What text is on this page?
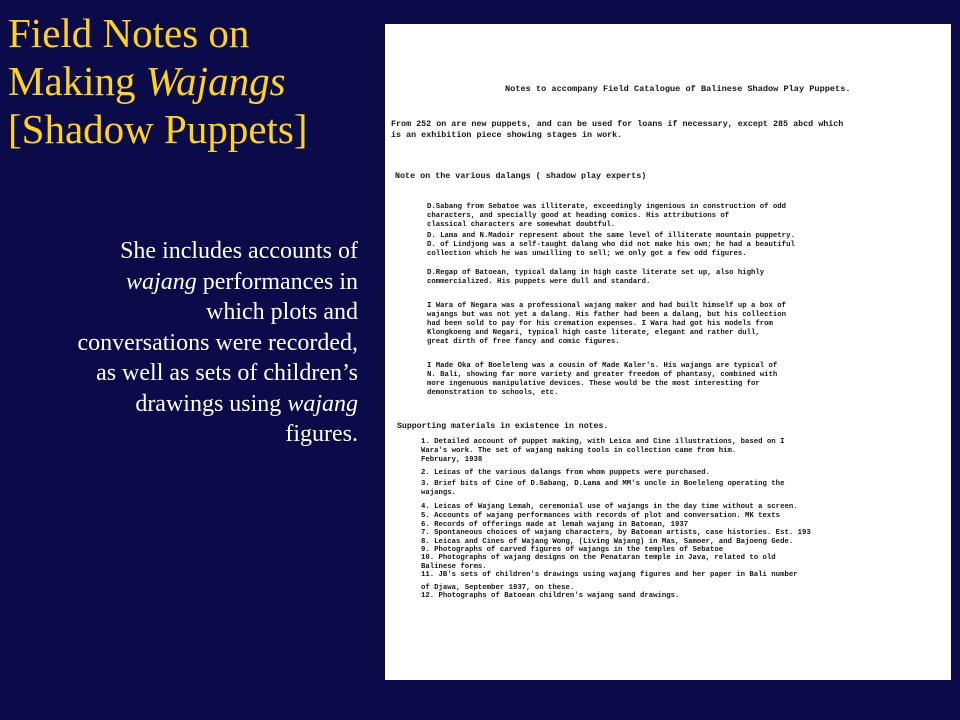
Field Notes on
Making Wajangs
[Shadow Puppets]

She includes accounts of wajang performances in which plots and conversations were recorded, as well as sets of children’s drawings using wajang figures.

Notes to accompany Field Catalogue of Balinese Shadow Play Puppets.
From 252 on are new puppets, and can be used for loans if necessary, except 285 abcd which
is an exhibition piece showing stages in work.
Note on the various dalangs ( shadow play experts)
D.Sabang from Sebatoe was illiterate, exceedingly ingenious in construction of odd
characters, and specially good at heading comics. His attributions of
classical characters are somewhat doubtful.
D. Lama and N.Madoir represent about the same level of illiterate mountain puppetry.
D. of Lindjong was a self-taught dalang who did not make his own; he had a beautiful
collection which he was unwilling to sell; we only got a few odd figures.
D.Regap of Batoean, typical dalang in high caste literate set up, also highly
commercialized. His puppets were dull and standard.
I Wara of Negara was a professional wajang maker and had built himself up a box of
wajangs but was not yet a dalang. His father had been a dalang, but his collection
had been sold to pay for his cremation expenses. I Wara had got his models from
Klongkoeng and Negari, typical high caste literate, elegant and rather dull,
great dirth of free fancy and comic figures.
I Made Oka of Boeleleng was a cousin of Made Kaler's. His wajangs are typical of
N. Bali, showing far more variety and greater freedom of phantasy, combined with
more ingenuous manipulative devices. These would be the most interesting for
demonstration to schools, etc.
Supporting materials in existence in notes.
1. Detailed account of puppet making, with Leica and Cine illustrations, based on I
Wara's work. The set of wajang making tools in collection came from him.
February, 1938
2. Leicas of the various dalangs from whom puppets were purchased.
3. Brief bits of Cine of D.Sabang, D.Lama and MM's uncle in Boeleleng operating the
wajangs.
4. Leicas of Wajang Lemah, ceremonial use of wajangs in the day time without a screen.
5. Accounts of wajang performances with records of plot and conversation. MK texts
6. Records of offerings made at lemah wajang in Batoean, 1937
7. Spontaneous choices of wajang characters, by Batoean artists, case histories. Est. 193
8. Leicas and Cines of Wajang Wong, (Living Wajang) in Mas, Samoer, and Bajoeng Gede.
9. Photographs of carved figures of wajangs in the temples of Sebatoe
10. Photographs of wajang designs on the Penataran temple in Java, related to old
Balinese forms.
11. JB's sets of children's drawings using wajang figures and her paper in Bali number
of Djawa, September 1937, on these.
12. Photographs of Batoean children's wajang sand drawings.
